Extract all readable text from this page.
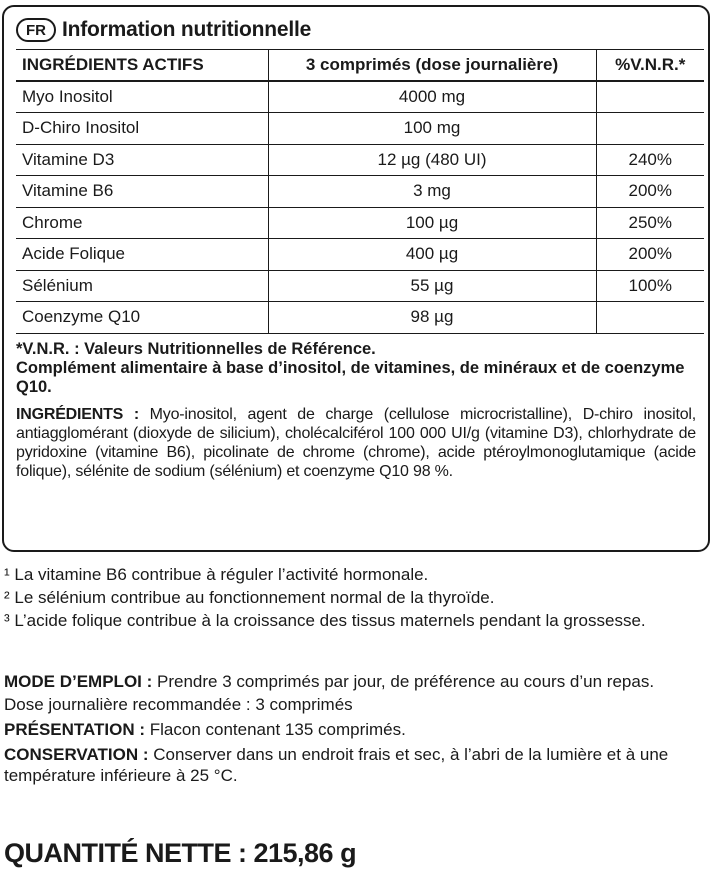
FR Information nutritionnelle
INGRÉDIENTS ACTIFS	3 comprimés (dose journalière)	%V.N.R.*
Myo Inositol	4000 mg	
D-Chiro Inositol	100 mg	
Vitamine D3	12 µg (480 UI)	240%
Vitamine B6	3 mg	200%
Chrome	100 µg	250%
Acide Folique	400 µg	200%
Sélénium	55 µg	100%
Coenzyme Q10	98 µg	
*V.N.R. : Valeurs Nutritionnelles de Référence.
Complément alimentaire à base d’inositol, de vitamines, de minéraux et de coenzyme Q10.
INGRÉDIENTS : Myo-inositol, agent de charge (cellulose microcristalline), D-chiro inositol, antiagglomérant (dioxyde de silicium), cholécalciférol 100 000 UI/g (vitamine D3), chlorhydrate de pyridoxine (vitamine B6), picolinate de chrome (chrome), acide ptéroylmonoglutamique (acide folique), sélénite de sodium (sélénium) et coenzyme Q10 98 %.

¹ La vitamine B6 contribue à réguler l’activité hormonale.

² Le sélénium contribue au fonctionnement normal de la thyroïde.

³ L’acide folique contribue à la croissance des tissus maternels pendant la grossesse.

MODE D’EMPLOI : Prendre 3 comprimés par jour, de préférence au cours d’un repas.

Dose journalière recommandée : 3 comprimés

PRÉSENTATION : Flacon contenant 135 comprimés.

CONSERVATION : Conserver dans un endroit frais et sec, à l’abri de la lumière et à une température inférieure à 25 °C.

QUANTITÉ NETTE : 215,86 g
